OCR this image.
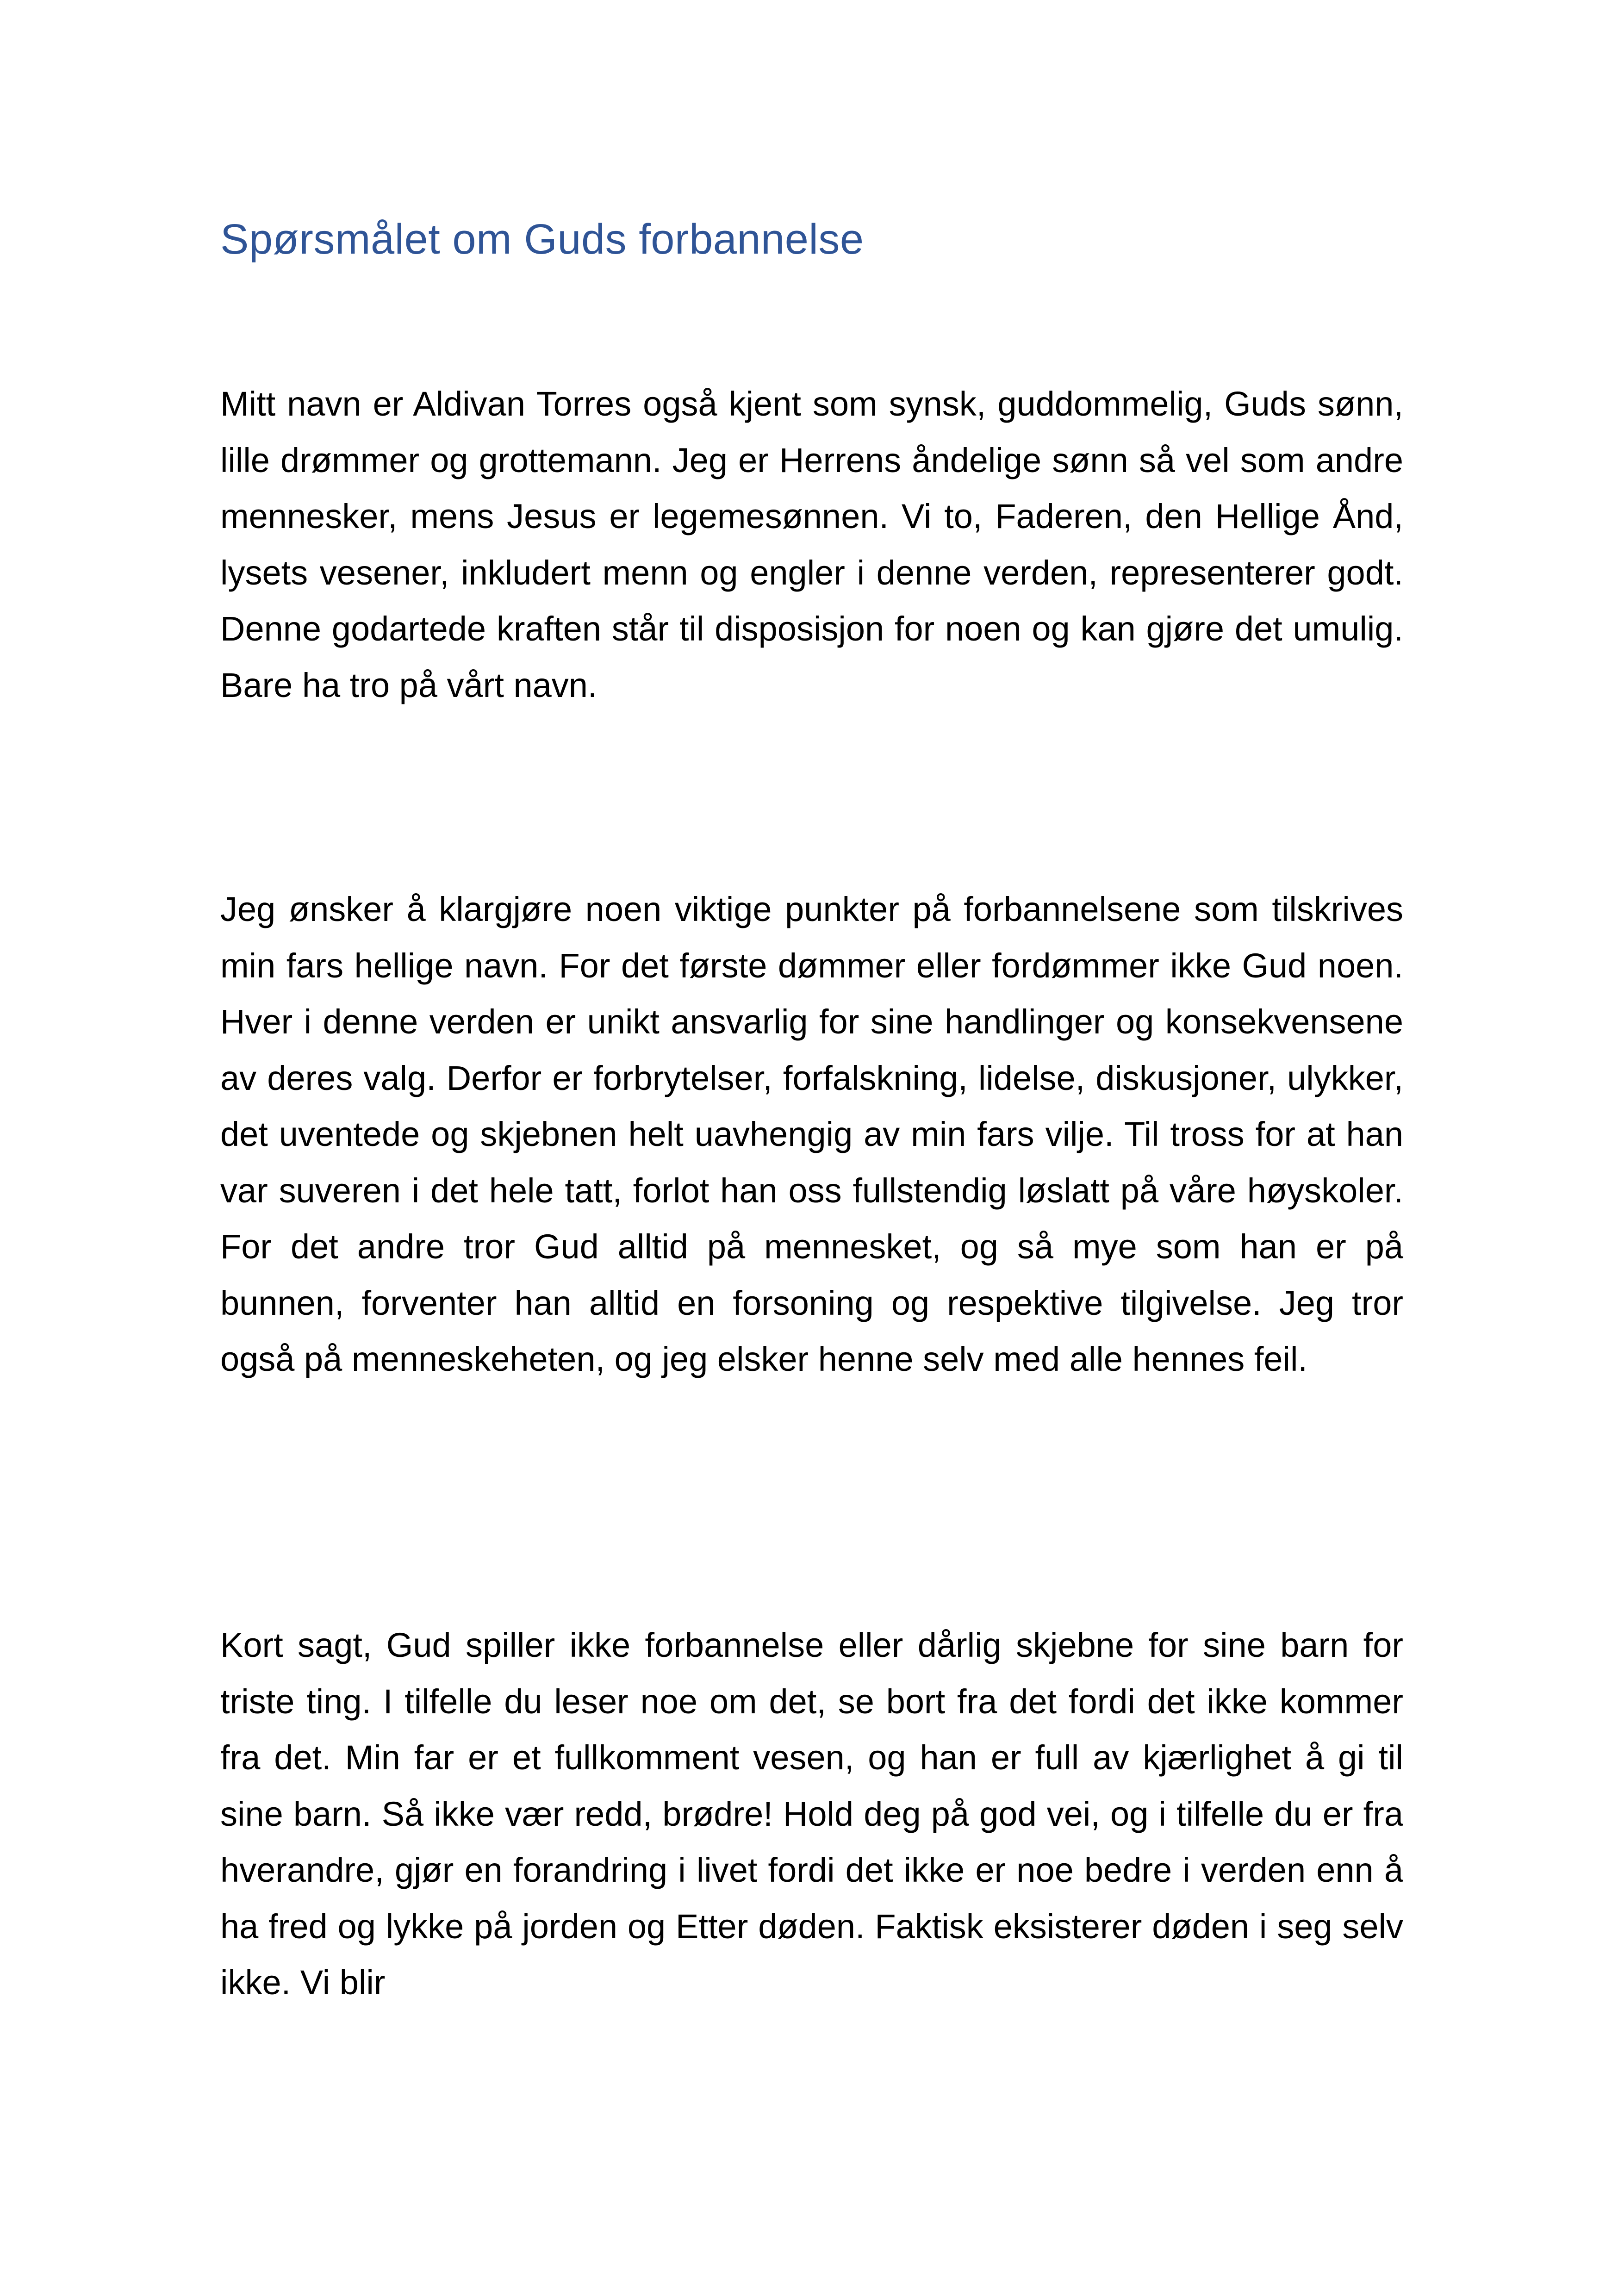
Spørsmålet om Guds forbannelse

Mitt navn er Aldivan Torres også kjent som synsk, guddommelig, Guds sønn, lille drømmer og grottemann. Jeg er Herrens åndelige sønn så vel som andre mennesker, mens Jesus er legemesønnen. Vi to, Faderen, den Hellige Ånd, lysets vesener, inkludert menn og engler i denne verden, representerer godt. Denne godartede kraften står til disposisjon for noen og kan gjøre det umulig. Bare ha tro på vårt navn.

Jeg ønsker å klargjøre noen viktige punkter på forbannelsene som tilskrives min fars hellige navn. For det første dømmer eller fordømmer ikke Gud noen. Hver i denne verden er unikt ansvarlig for sine handlinger og konsekvensene av deres valg. Derfor er forbrytelser, forfalskning, lidelse, diskusjoner, ulykker, det uventede og skjebnen helt uavhengig av min fars vilje. Til tross for at han var suveren i det hele tatt, forlot han oss fullstendig løslatt på våre høyskoler. For det andre tror Gud alltid på mennesket, og så mye som han er på bunnen, forventer han alltid en forsoning og respektive tilgivelse. Jeg tror også på menneskeheten, og jeg elsker henne selv med alle hennes feil.

Kort sagt, Gud spiller ikke forbannelse eller dårlig skjebne for sine barn for triste ting. I tilfelle du leser noe om det, se bort fra det fordi det ikke kommer fra det. Min far er et fullkomment vesen, og han er full av kjærlighet å gi til sine barn. Så ikke vær redd, brødre! Hold deg på god vei, og i tilfelle du er fra hverandre, gjør en forandring i livet fordi det ikke er noe bedre i verden enn å ha fred og lykke på jorden og Etter døden. Faktisk eksisterer døden i seg selv ikke. Vi blir
